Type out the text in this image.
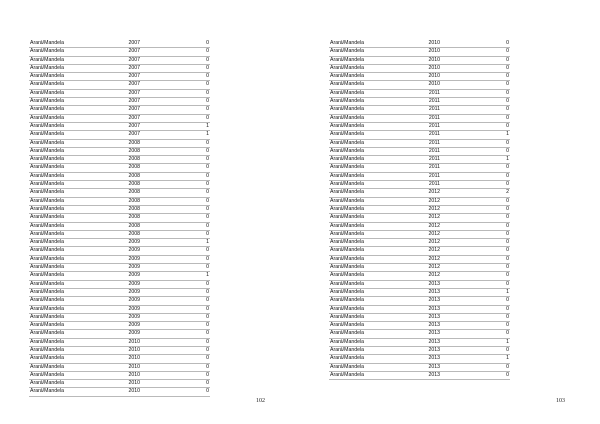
Arará/Mandela	2007	0
Arará/Mandela	2007	0
Arará/Mandela	2007	0
Arará/Mandela	2007	0
Arará/Mandela	2007	0
Arará/Mandela	2007	0
Arará/Mandela	2007	0
Arará/Mandela	2007	0
Arará/Mandela	2007	0
Arará/Mandela	2007	0
Arará/Mandela	2007	1
Arará/Mandela	2007	1
Arará/Mandela	2008	0
Arará/Mandela	2008	0
Arará/Mandela	2008	0
Arará/Mandela	2008	0
Arará/Mandela	2008	0
Arará/Mandela	2008	0
Arará/Mandela	2008	0
Arará/Mandela	2008	0
Arará/Mandela	2008	0
Arará/Mandela	2008	0
Arará/Mandela	2008	0
Arará/Mandela	2008	0
Arará/Mandela	2009	1
Arará/Mandela	2009	0
Arará/Mandela	2009	0
Arará/Mandela	2009	0
Arará/Mandela	2009	1
Arará/Mandela	2009	0
Arará/Mandela	2009	0
Arará/Mandela	2009	0
Arará/Mandela	2009	0
Arará/Mandela	2009	0
Arará/Mandela	2009	0
Arará/Mandela	2009	0
Arará/Mandela	2010	0
Arará/Mandela	2010	0
Arará/Mandela	2010	0
Arará/Mandela	2010	0
Arará/Mandela	2010	0
Arará/Mandela	2010	0
Arará/Mandela	2010	0
Arará/Mandela	2010	0
Arará/Mandela	2010	0
Arará/Mandela	2010	0
Arará/Mandela	2010	0
Arará/Mandela	2010	0
Arará/Mandela	2010	0
Arará/Mandela	2011	0
Arará/Mandela	2011	0
Arará/Mandela	2011	0
Arará/Mandela	2011	0
Arará/Mandela	2011	0
Arará/Mandela	2011	1
Arará/Mandela	2011	0
Arará/Mandela	2011	0
Arará/Mandela	2011	1
Arará/Mandela	2011	0
Arará/Mandela	2011	0
Arará/Mandela	2011	0
Arará/Mandela	2012	2
Arará/Mandela	2012	0
Arará/Mandela	2012	0
Arará/Mandela	2012	0
Arará/Mandela	2012	0
Arará/Mandela	2012	0
Arará/Mandela	2012	0
Arará/Mandela	2012	0
Arará/Mandela	2012	0
Arará/Mandela	2012	0
Arará/Mandela	2012	0
Arará/Mandela	2013	0
Arará/Mandela	2013	1
Arará/Mandela	2013	0
Arará/Mandela	2013	0
Arará/Mandela	2013	0
Arará/Mandela	2013	0
Arará/Mandela	2013	0
Arará/Mandela	2013	1
Arará/Mandela	2013	0
Arará/Mandela	2013	1
Arará/Mandela	2013	0
Arará/Mandela	2013	0
102	103
